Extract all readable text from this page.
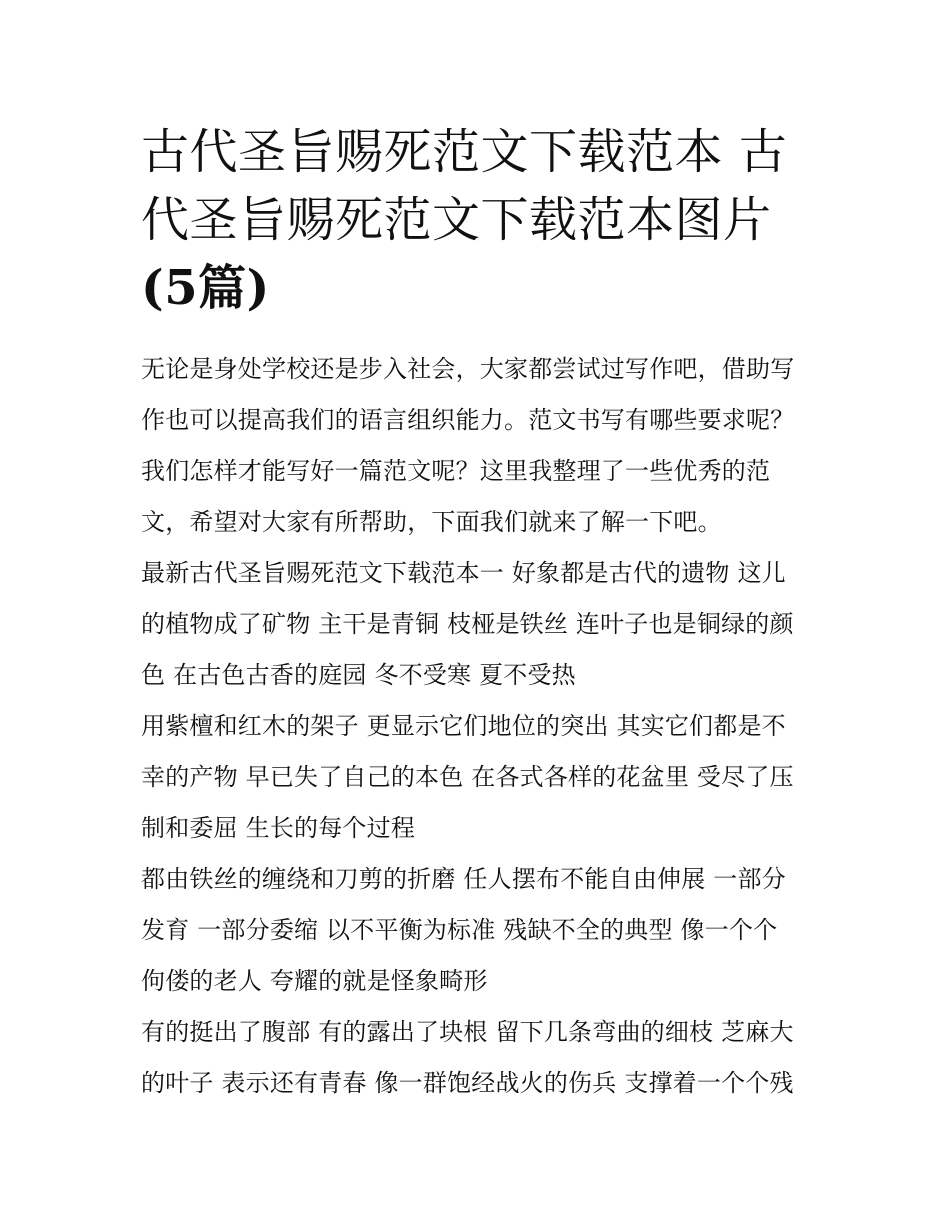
古代圣旨赐死范文下载范本 古
代圣旨赐死范文下载范本图片
(5篇)
无论是身处学校还是步入社会，大家都尝试过写作吧，借助写
作也可以提高我们的语言组织能力。范文书写有哪些要求呢？
我们怎样才能写好一篇范文呢？这里我整理了一些优秀的范
文，希望对大家有所帮助，下面我们就来了解一下吧。
最新古代圣旨赐死范文下载范本一 好象都是古代的遗物 这儿
的植物成了矿物 主干是青铜 枝桠是铁丝 连叶子也是铜绿的颜
色 在古色古香的庭园 冬不受寒 夏不受热
用紫檀和红木的架子 更显示它们地位的突出 其实它们都是不
幸的产物 早已失了自己的本色 在各式各样的花盆里 受尽了压
制和委屈 生长的每个过程
都由铁丝的缠绕和刀剪的折磨 任人摆布不能自由伸展 一部分
发育 一部分委缩 以不平衡为标准 残缺不全的典型 像一个个
佝偻的老人 夸耀的就是怪象畸形
有的挺出了腹部 有的露出了块根 留下几条弯曲的细枝 芝麻大
的叶子 表示还有青春 像一群饱经战火的伤兵 支撑着一个个残
